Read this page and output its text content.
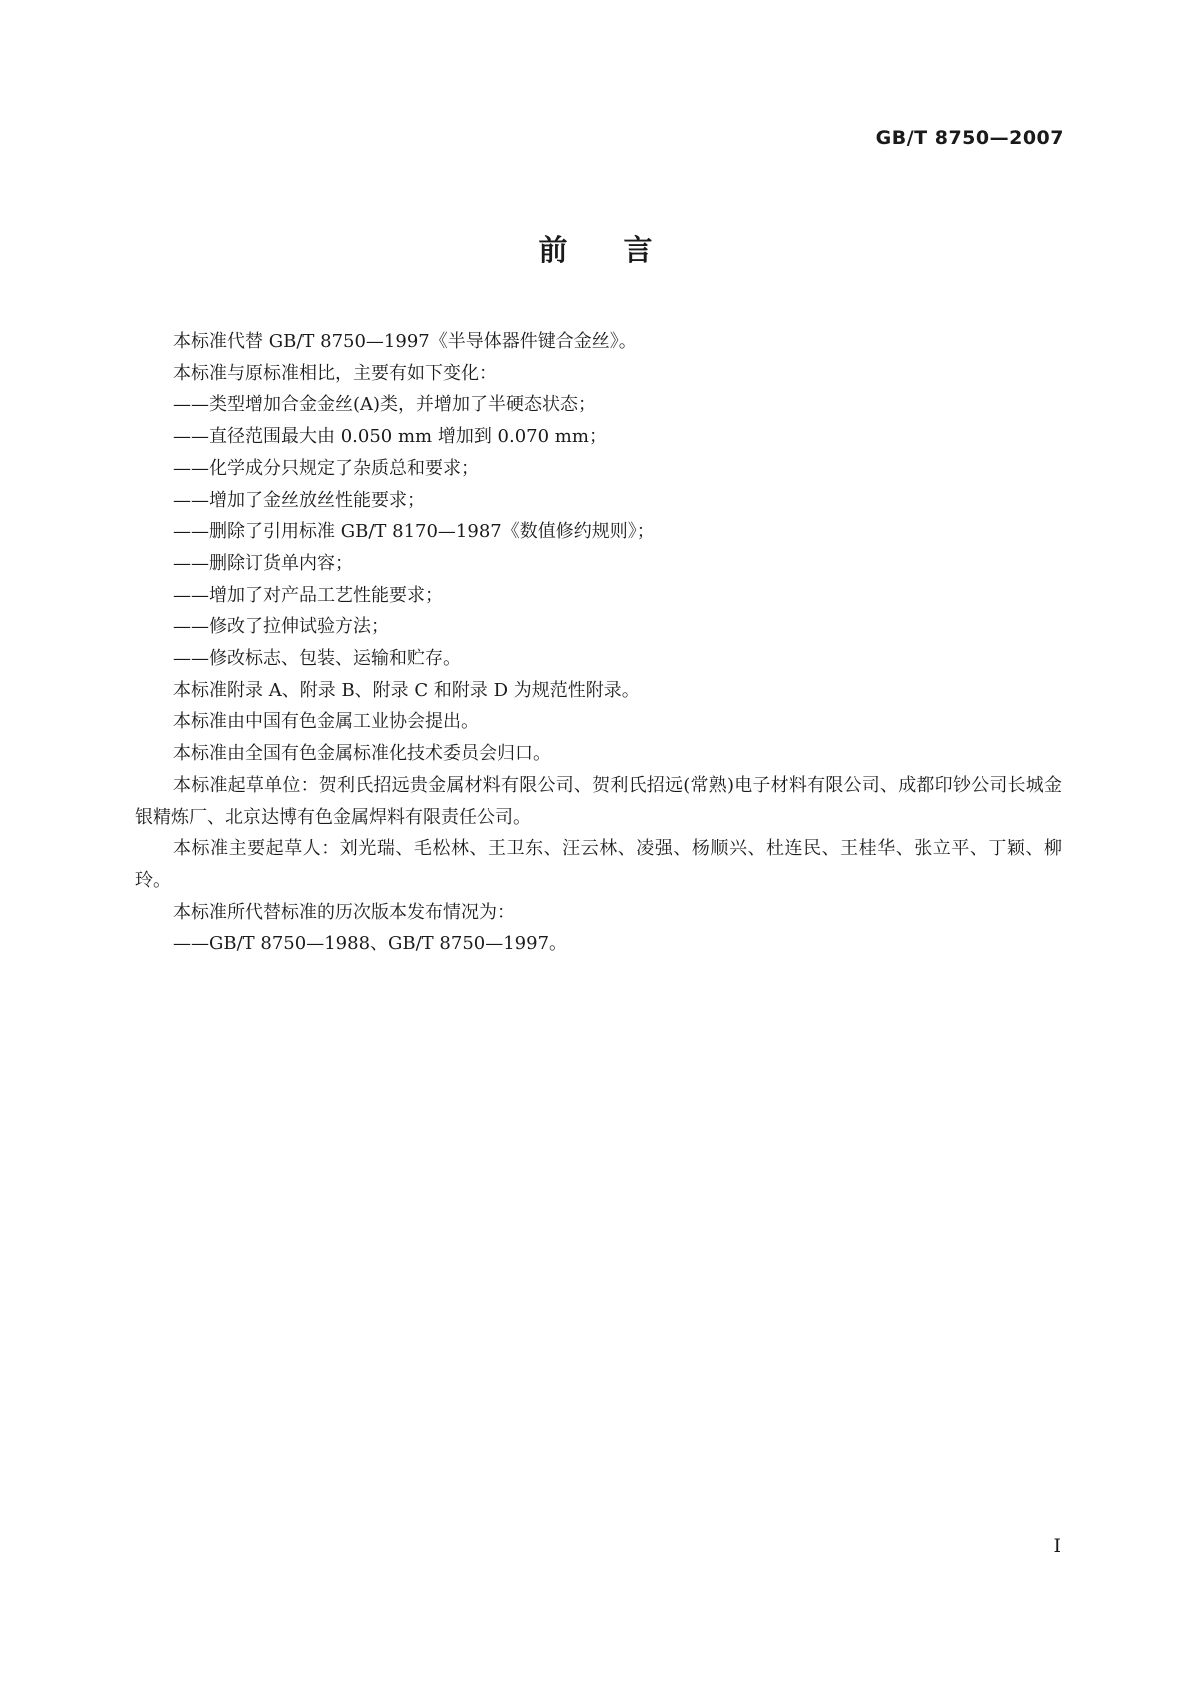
GB/T 8750—2007
前言

本标准代替 GB/T 8750—1997《半导体器件键合金丝》。

本标准与原标准相比，主要有如下变化：

——类型增加合金金丝(A)类，并增加了半硬态状态；

——直径范围最大由 0.050 mm 增加到 0.070 mm；

——化学成分只规定了杂质总和要求；

——增加了金丝放丝性能要求；

——删除了引用标准 GB/T 8170—1987《数值修约规则》；

——删除订货单内容；

——增加了对产品工艺性能要求；

——修改了拉伸试验方法；

——修改标志、包装、运输和贮存。

本标准附录 A、附录 B、附录 C 和附录 D 为规范性附录。

本标准由中国有色金属工业协会提出。

本标准由全国有色金属标准化技术委员会归口。

本标准起草单位：贺利氏招远贵金属材料有限公司、贺利氏招远(常熟)电子材料有限公司、成都印钞公司长城金银精炼厂、北京达博有色金属焊料有限责任公司。

本标准主要起草人：刘光瑞、毛松林、王卫东、汪云林、凌强、杨顺兴、杜连民、王桂华、张立平、丁颖、柳玲。

本标准所代替标准的历次版本发布情况为：

——GB/T 8750—1988、GB/T 8750—1997。

I
